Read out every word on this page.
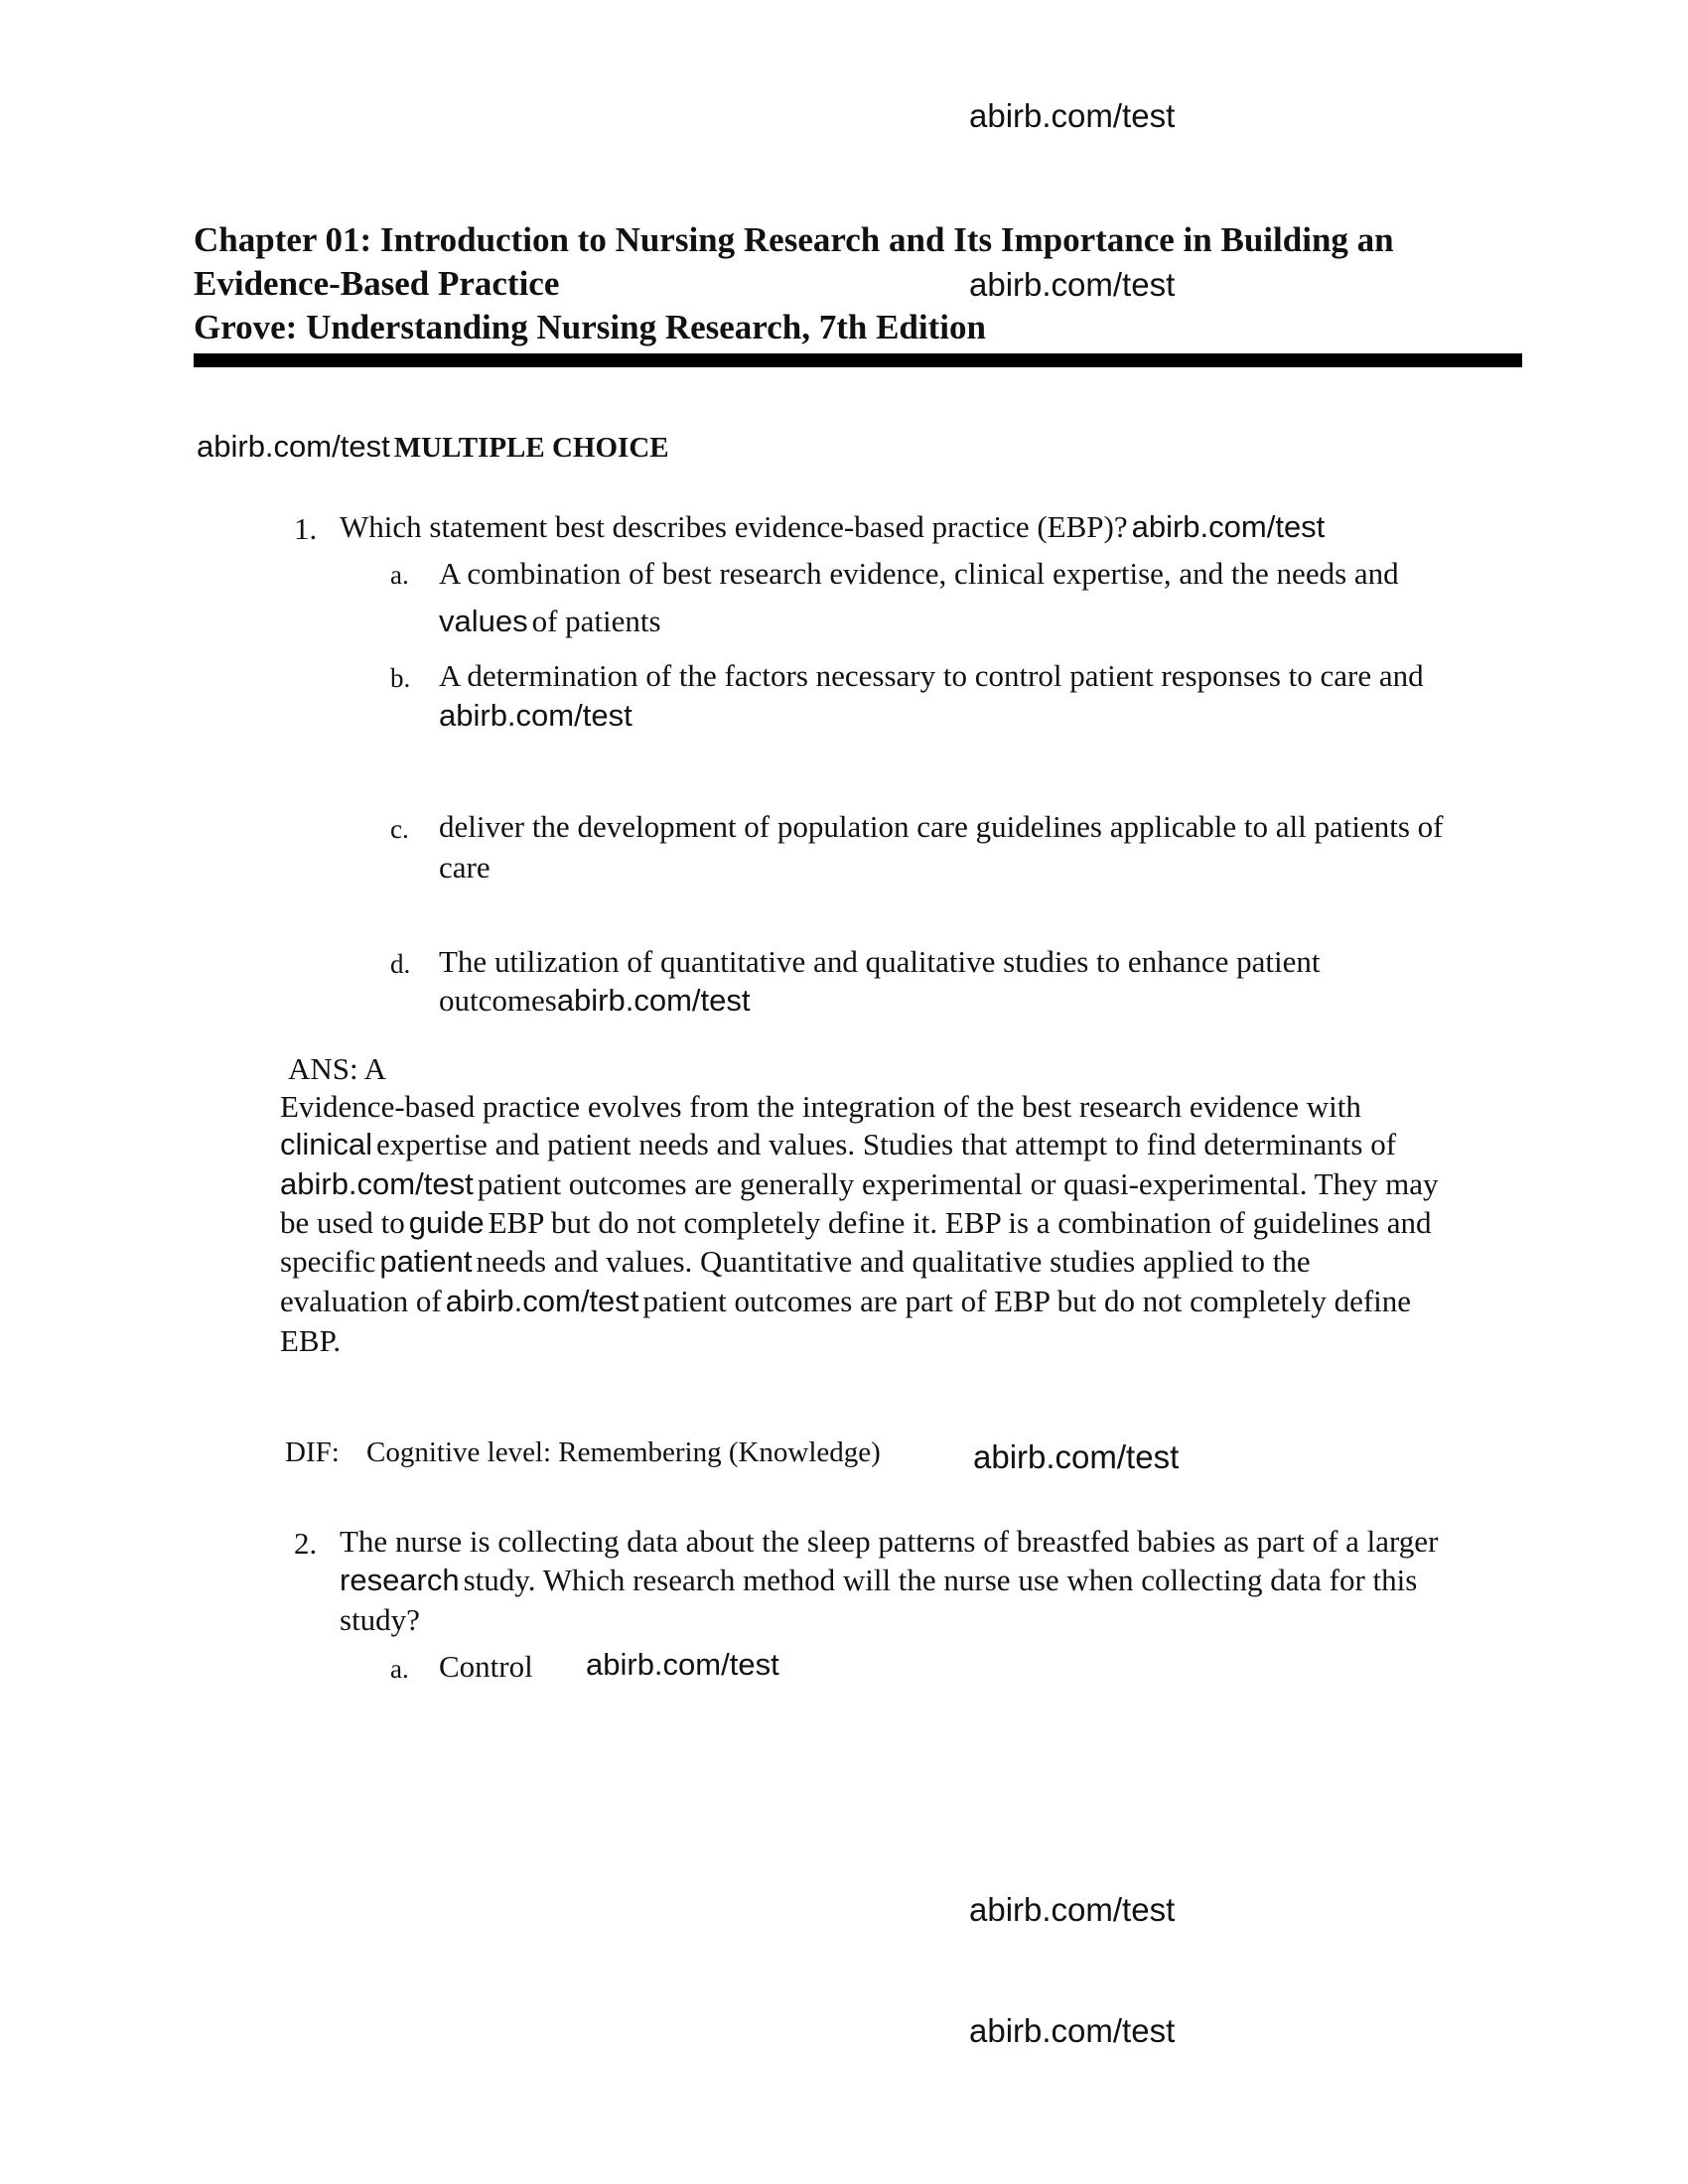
abirb.com/test
Chapter 01: Introduction to Nursing Research and Its Importance in Building an
Evidence-Based Practice	abirb.com/test
Grove: Understanding Nursing Research, 7th Edition
abirb.com/test MULTIPLE CHOICE
1. Which statement best describes evidence-based practice (EBP)? abirb.com/test
a. A combination of best research evidence, clinical expertise, and the needs and
values of patients
b. A determination of the factors necessary to control patient responses to care and
abirb.com/test
c. deliver the development of population care guidelines applicable to all patients of
care
d. The utilization of quantitative and qualitative studies to enhance patient
outcomesabirb.com/test
ANS: A
Evidence-based practice evolves from the integration of the best research evidence with
clinical expertise and patient needs and values. Studies that attempt to find determinants of
abirb.com/test patient outcomes are generally experimental or quasi-experimental. They may
be used to guide EBP but do not completely define it. EBP is a combination of guidelines and
specific patient needs and values. Quantitative and qualitative studies applied to the
evaluation of abirb.com/test patient outcomes are part of EBP but do not completely define
EBP.
DIF: Cognitive level: Remembering (Knowledge)	abirb.com/test
2. The nurse is collecting data about the sleep patterns of breastfed babies as part of a larger
research study. Which research method will the nurse use when collecting data for this
study?
a. Control abirb.com/test
abirb.com/test
abirb.com/test
